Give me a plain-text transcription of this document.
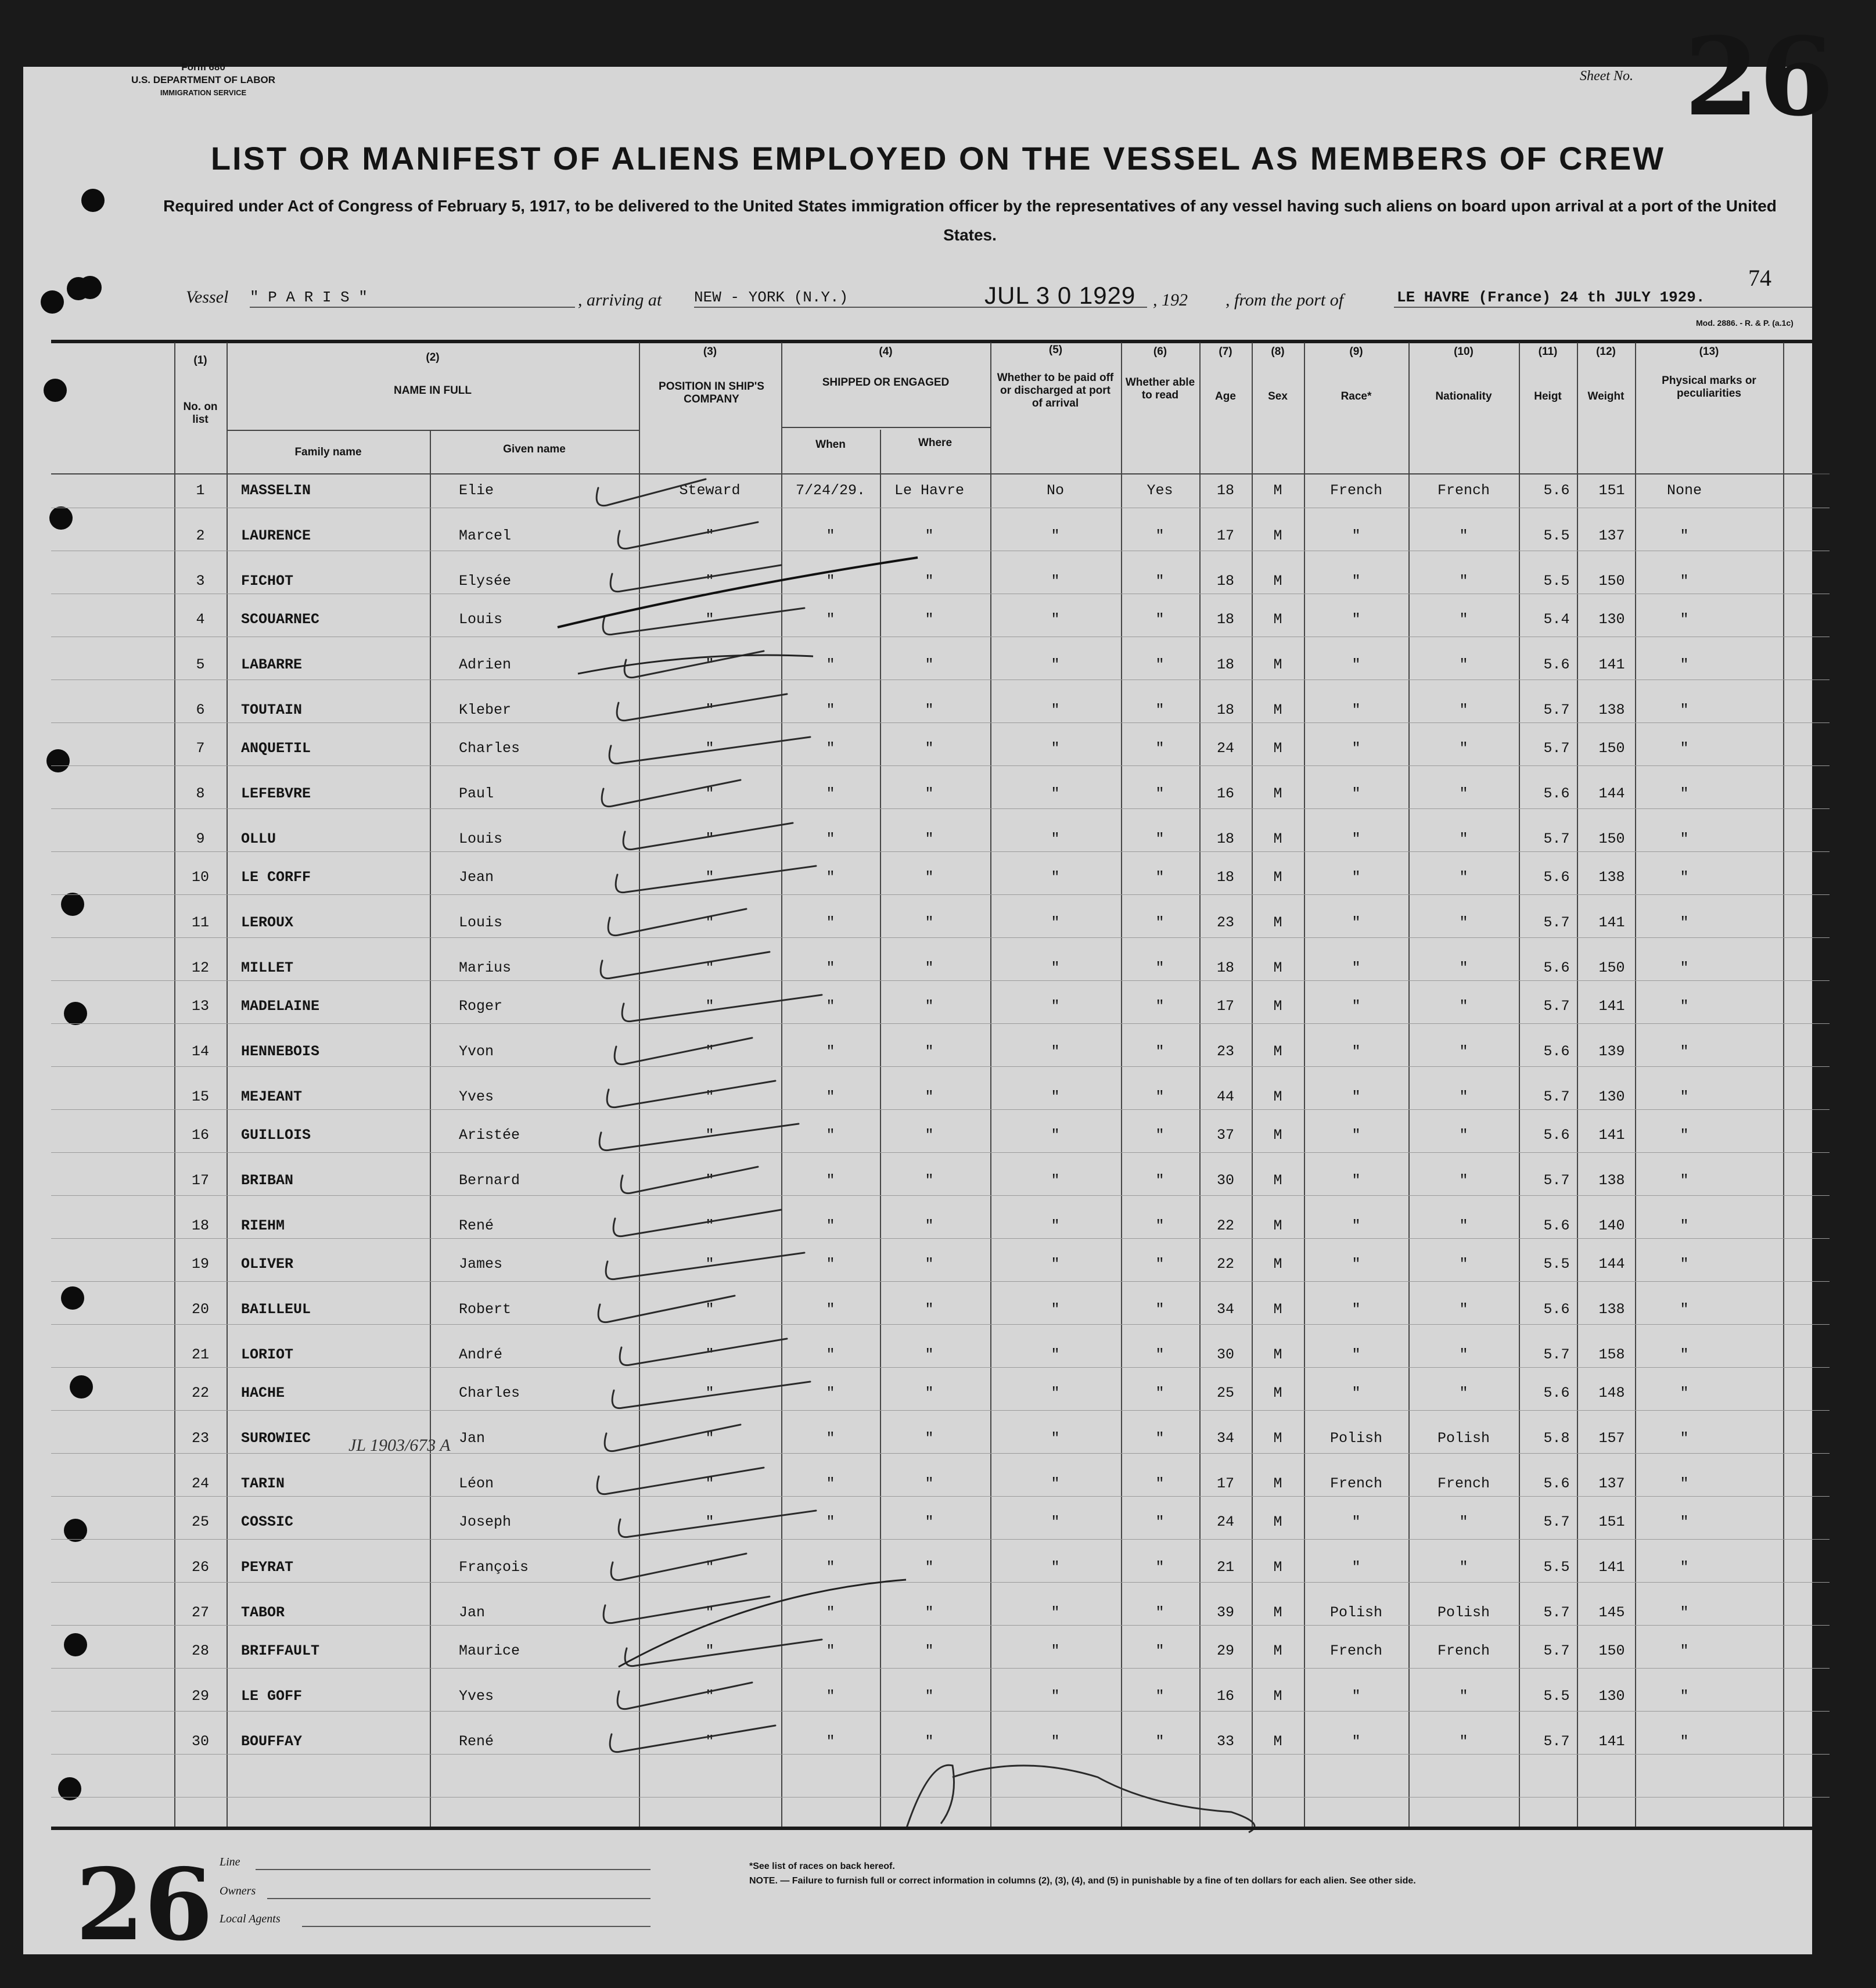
Form 680
U.S. DEPARTMENT OF LABOR
IMMIGRATION SERVICE
Sheet No. 26
LIST OR MANIFEST OF ALIENS EMPLOYED ON THE VESSEL AS MEMBERS OF CREW
Required under Act of Congress of February 5, 1917, to be delivered to the United States immigration officer by the representatives of any vessel having such aliens on board upon arrival at a port of the United States.
Vessel " P A R I S "	, arriving at NEW - YORK (N.Y.)	JUL 3 0 1929 , 192 , from the port of	LE HAVRE (France) 24 th JULY 1929.
74
Mod. 2886. - R. & P. (a.1c)
(1)
No. on list
(2)
NAME IN FULL
Family name	Given name
(3)
POSITION IN SHIP'S COMPANY
(4)
SHIPPED OR ENGAGED
When	Where
(5)
Whether to be paid off or discharged at port of arrival
(6)
Whether able to read
(7)
Age
(8)
Sex
(9)
Race*
(10)
Nationality
(11)
Heigt
(12)
Weight
(13)
Physical marks or peculiarities
1	MASSELIN	Elie	Steward	7/24/29.	Le Havre	No	Yes	18	M	French	French	5.6	151	None
2	LAURENCE	Marcel	"	"	"	"	"	17	M	"	"	5.5	137	"
3	FICHOT	Elysée	"	"	"	"	"	18	M	"	"	5.5	150	"
4	SCOUARNEC	Louis	"	"	"	"	"	18	M	"	"	5.4	130	"
5	LABARRE	Adrien	"	"	"	"	"	18	M	"	"	5.6	141	"
6	TOUTAIN	Kleber	"	"	"	"	"	18	M	"	"	5.7	138	"
7	ANQUETIL	Charles	"	"	"	"	"	24	M	"	"	5.7	150	"
8	LEFEBVRE	Paul	"	"	"	"	"	16	M	"	"	5.6	144	"
9	OLLU	Louis	"	"	"	"	"	18	M	"	"	5.7	150	"
10	LE CORFF	Jean	"	"	"	"	"	18	M	"	"	5.6	138	"
11	LEROUX	Louis	"	"	"	"	"	23	M	"	"	5.7	141	"
12	MILLET	Marius	"	"	"	"	"	18	M	"	"	5.6	150	"
13	MADELAINE	Roger	"	"	"	"	"	17	M	"	"	5.7	141	"
14	HENNEBOIS	Yvon	"	"	"	"	"	23	M	"	"	5.6	139	"
15	MEJEANT	Yves	"	"	"	"	"	44	M	"	"	5.7	130	"
16	GUILLOIS	Aristée	"	"	"	"	"	37	M	"	"	5.6	141	"
17	BRIBAN	Bernard	"	"	"	"	"	30	M	"	"	5.7	138	"
18	RIEHM	René	"	"	"	"	"	22	M	"	"	5.6	140	"
19	OLIVER	James	"	"	"	"	"	22	M	"	"	5.5	144	"
20	BAILLEUL	Robert	"	"	"	"	"	34	M	"	"	5.6	138	"
21	LORIOT	André	"	"	"	"	"	30	M	"	"	5.7	158	"
22	HACHE	Charles	"	"	"	"	"	25	M	"	"	5.6	148	"
23	SUROWIEC	Jan	"	"	"	"	"	34	M	Polish	Polish	5.8	157	"
24	TARIN	Léon	"	"	"	"	"	17	M	French	French	5.6	137	"
25	COSSIC	Joseph	"	"	"	"	"	24	M	"	"	5.7	151	"
26	PEYRAT	François	"	"	"	"	"	21	M	"	"	5.5	141	"
27	TABOR	Jan	"	"	"	"	"	39	M	Polish	Polish	5.7	145	"
28	BRIFFAULT	Maurice	"	"	"	"	"	29	M	French	French	5.7	150	"
29	LE GOFF	Yves	"	"	"	"	"	16	M	"	"	5.5	130	"
30	BOUFFAY	René	"	"	"	"	"	33	M	"	"	5.7	141	"
JL 1903/673 A
26 Line
Owners
Local Agents
*See list of races on back hereof.
NOTE. — Failure to furnish full or correct information in columns (2), (3), (4), and (5) in punishable by a fine of ten dollars for each alien. See other side.
